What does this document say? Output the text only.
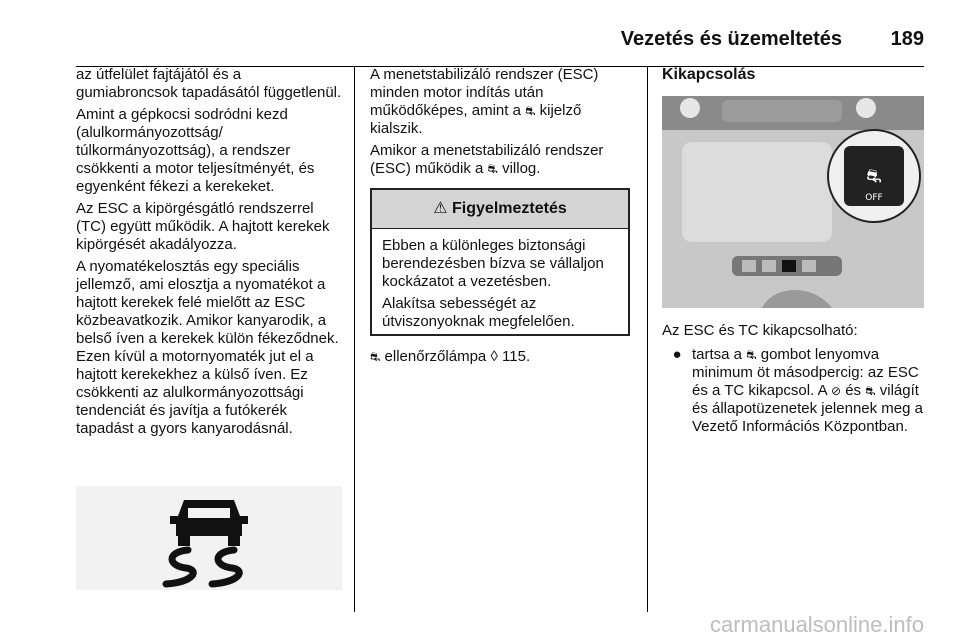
Vezetés és üzemeltetés 189

az útfelület fajtájától és a gumiabroncsok tapadásától függetlenül.

Amint a gépkocsi sodródni kezd (alulkormányozottság/ túlkormányozottság), a rendszer csökkenti a motor teljesítményét, és egyenként fékezi a kerekeket.

Az ESC a kipörgésgátló rendszerrel (TC) együtt működik. A hajtott kerekek kipörgését akadályozza.

A nyomatékelosztás egy speciális jellemző, ami elosztja a nyomatékot a hajtott kerekek felé mielőtt az ESC közbeavatkozik. Amikor kanyarodik, a belső íven a kerekek külön fékeződnek. Ezen kívül a motornyomaték jut el a hajtott kerekekhez a külső íven. Ez csökkenti az alulkormányozottsági tendenciát és javítja a futókerék tapadást a gyors kanyarodásnál.

A menetstabilizáló rendszer (ESC) minden motor indítás után működőképes, amint a ⛐ kijelző kialszik.

Amikor a menetstabilizáló rendszer (ESC) működik a ⛐ villog.

⚠ Figyelmeztetés

Ebben a különleges biztonsági berendezésben bízva se vállaljon kockázatot a vezetésben.

Alakítsa sebességét az útviszonyoknak megfelelően.

⛐ ellenőrzőlámpa ◊ 115.
Kikapcsolás
⛐
OFF
Az ESC és TC kikapcsolható:
● tartsa a ⛐ gombot lenyomva minimum öt másodpercig: az ESC és a TC kikapcsol. A ⊘ és ⛐ világít és állapotüzenetek jelennek meg a Vezető Információs Központban.
carmanualsonline.info
